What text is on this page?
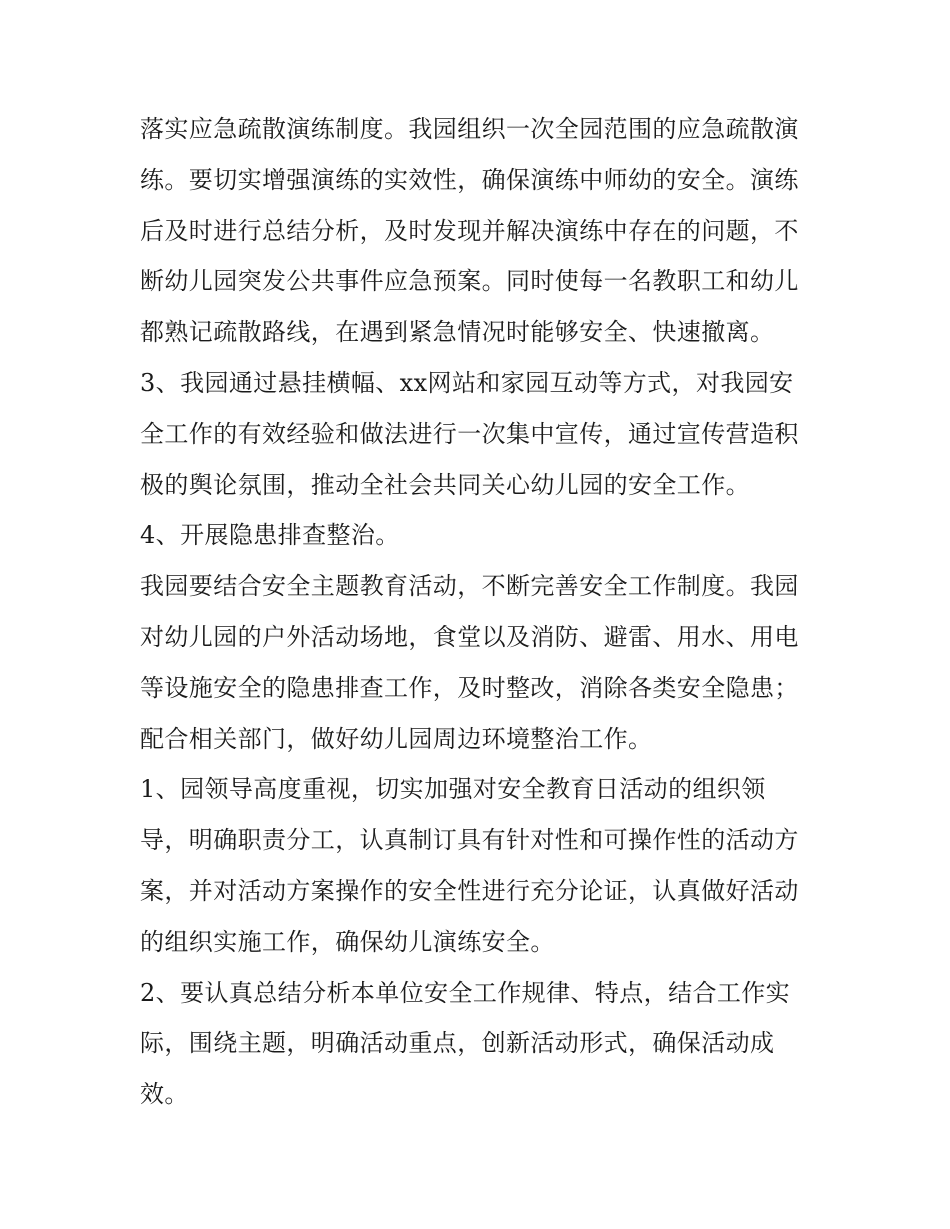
落实应急疏散演练制度。我园组织一次全园范围的应急疏散演
练。要切实增强演练的实效性，确保演练中师幼的安全。演练
后及时进行总结分析，及时发现并解决演练中存在的问题，不
断幼儿园突发公共事件应急预案。同时使每一名教职工和幼儿
都熟记疏散路线，在遇到紧急情况时能够安全、快速撤离。
3、我园通过悬挂横幅、xx网站和家园互动等方式，对我园安
全工作的有效经验和做法进行一次集中宣传，通过宣传营造积
极的舆论氛围，推动全社会共同关心幼儿园的安全工作。
4、开展隐患排查整治。
我园要结合安全主题教育活动，不断完善安全工作制度。我园
对幼儿园的户外活动场地，食堂以及消防、避雷、用水、用电
等设施安全的隐患排查工作，及时整改，消除各类安全隐患；
配合相关部门，做好幼儿园周边环境整治工作。
1、园领导高度重视，切实加强对安全教育日活动的组织领
导，明确职责分工，认真制订具有针对性和可操作性的活动方
案，并对活动方案操作的安全性进行充分论证，认真做好活动
的组织实施工作，确保幼儿演练安全。
2、要认真总结分析本单位安全工作规律、特点，结合工作实
际，围绕主题，明确活动重点，创新活动形式，确保活动成
效。
